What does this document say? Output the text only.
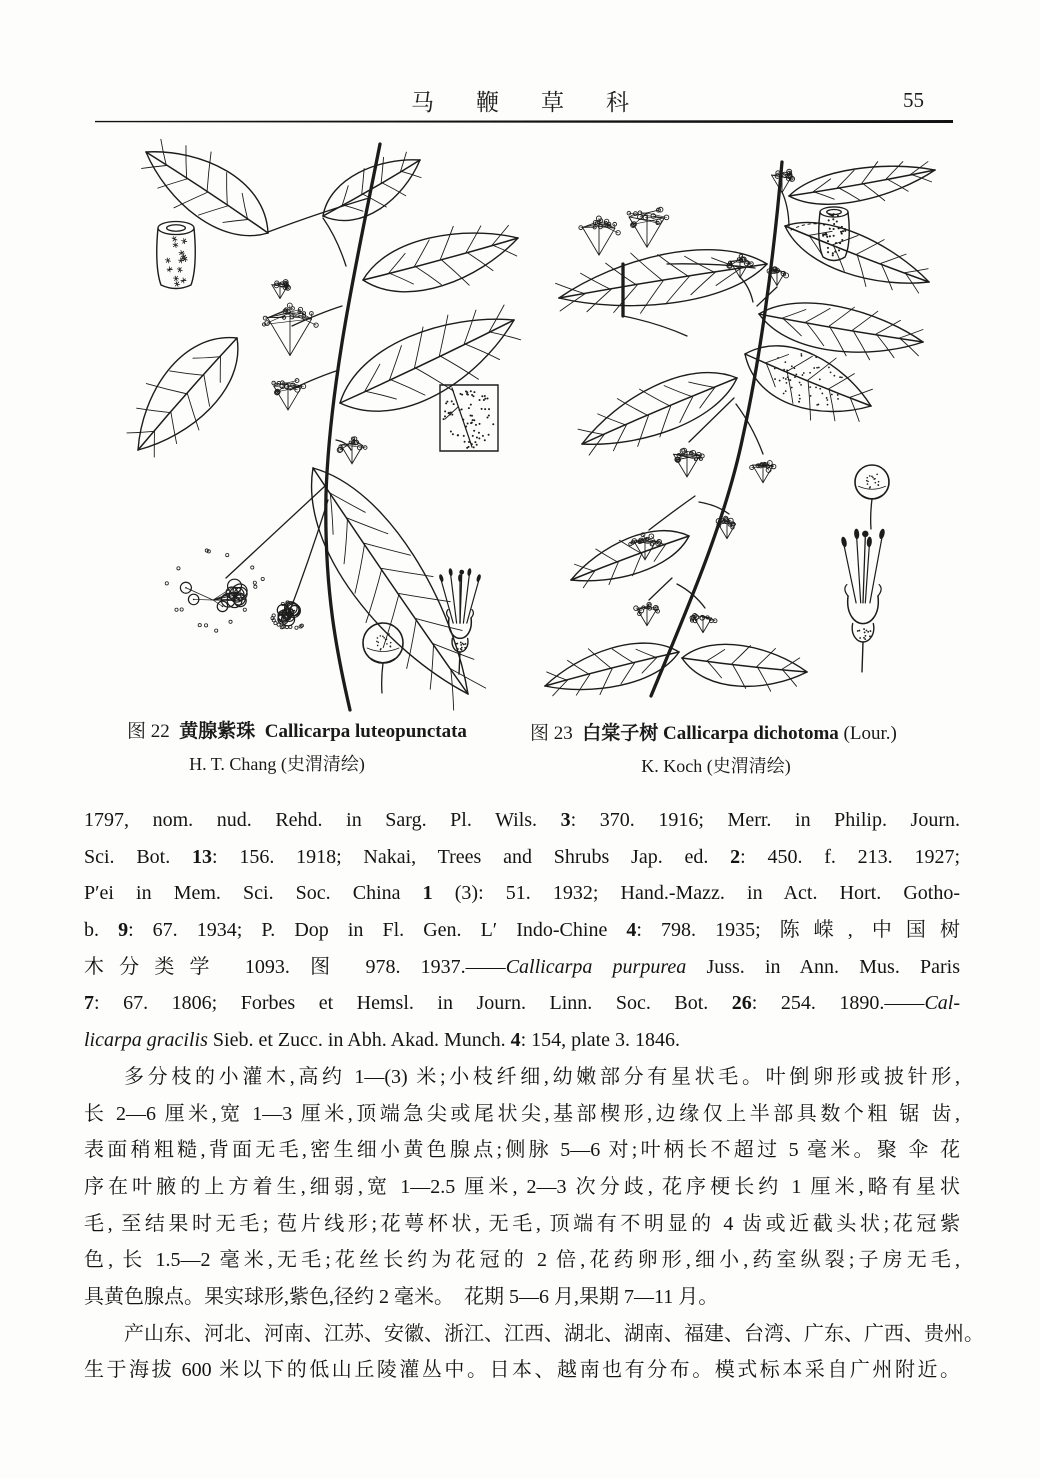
马鞭草科	55
图 22  黄腺紫珠  Callicarpa luteopunctata
H. T. Chang (史渭清绘)
图 23  白棠子树 Callicarpa dichotoma (Lour.)
K. Koch (史渭清绘)
1797, nom. nud. Rehd. in Sarg. Pl. Wils. 3: 370. 1916; Merr. in Philip. Journ.
Sci. Bot. 13: 156. 1918; Nakai, Trees and Shrubs Jap. ed. 2: 450. f. 213. 1927;
P′ei in Mem. Sci. Soc. China 1 (3): 51. 1932; Hand.-Mazz. in Act. Hort. Gotho-
b. 9: 67. 1934; P. Dop in Fl. Gen. L′ Indo-Chine 4: 798. 1935; 陈嵘, 中国树
木分类学 1093. 图 978. 1937.——Callicarpa purpurea Juss. in Ann. Mus. Paris
7: 67. 1806; Forbes et Hemsl. in Journ. Linn. Soc. Bot. 26: 254. 1890.——Cal-
licarpa gracilis Sieb. et Zucc. in Abh. Akad. Munch. 4: 154, plate 3. 1846.
多分枝的小灌木,高约 1—(3) 米;小枝纤细,幼嫩部分有星状毛。叶倒卵形或披针形,
长 2—6 厘米,宽 1—3 厘米,顶端急尖或尾状尖,基部楔形,边缘仅上半部具数个粗 锯 齿,
表面稍粗糙,背面无毛,密生细小黄色腺点;侧脉 5—6 对;叶柄长不超过 5 毫米。聚 伞 花
序在叶腋的上方着生,细弱,宽 1—2.5 厘米, 2—3 次分歧, 花序梗长约 1 厘米,略有星状
毛, 至结果时无毛; 苞片线形;花萼杯状, 无毛, 顶端有不明显的 4 齿或近截头状;花冠紫
色, 长 1.5—2 毫米,无毛;花丝长约为花冠的 2 倍,花药卵形,细小,药室纵裂;子房无毛,
具黄色腺点。果实球形,紫色,径约 2 毫米。　花期 5—6 月,果期 7—11 月。
产山东、河北、河南、江苏、安徽、浙江、江西、湖北、湖南、福建、台湾、广东、广西、贵州。
生于海拔 600 米以下的低山丘陵灌丛中。日本、越南也有分布。模式标本采自广州附近。
